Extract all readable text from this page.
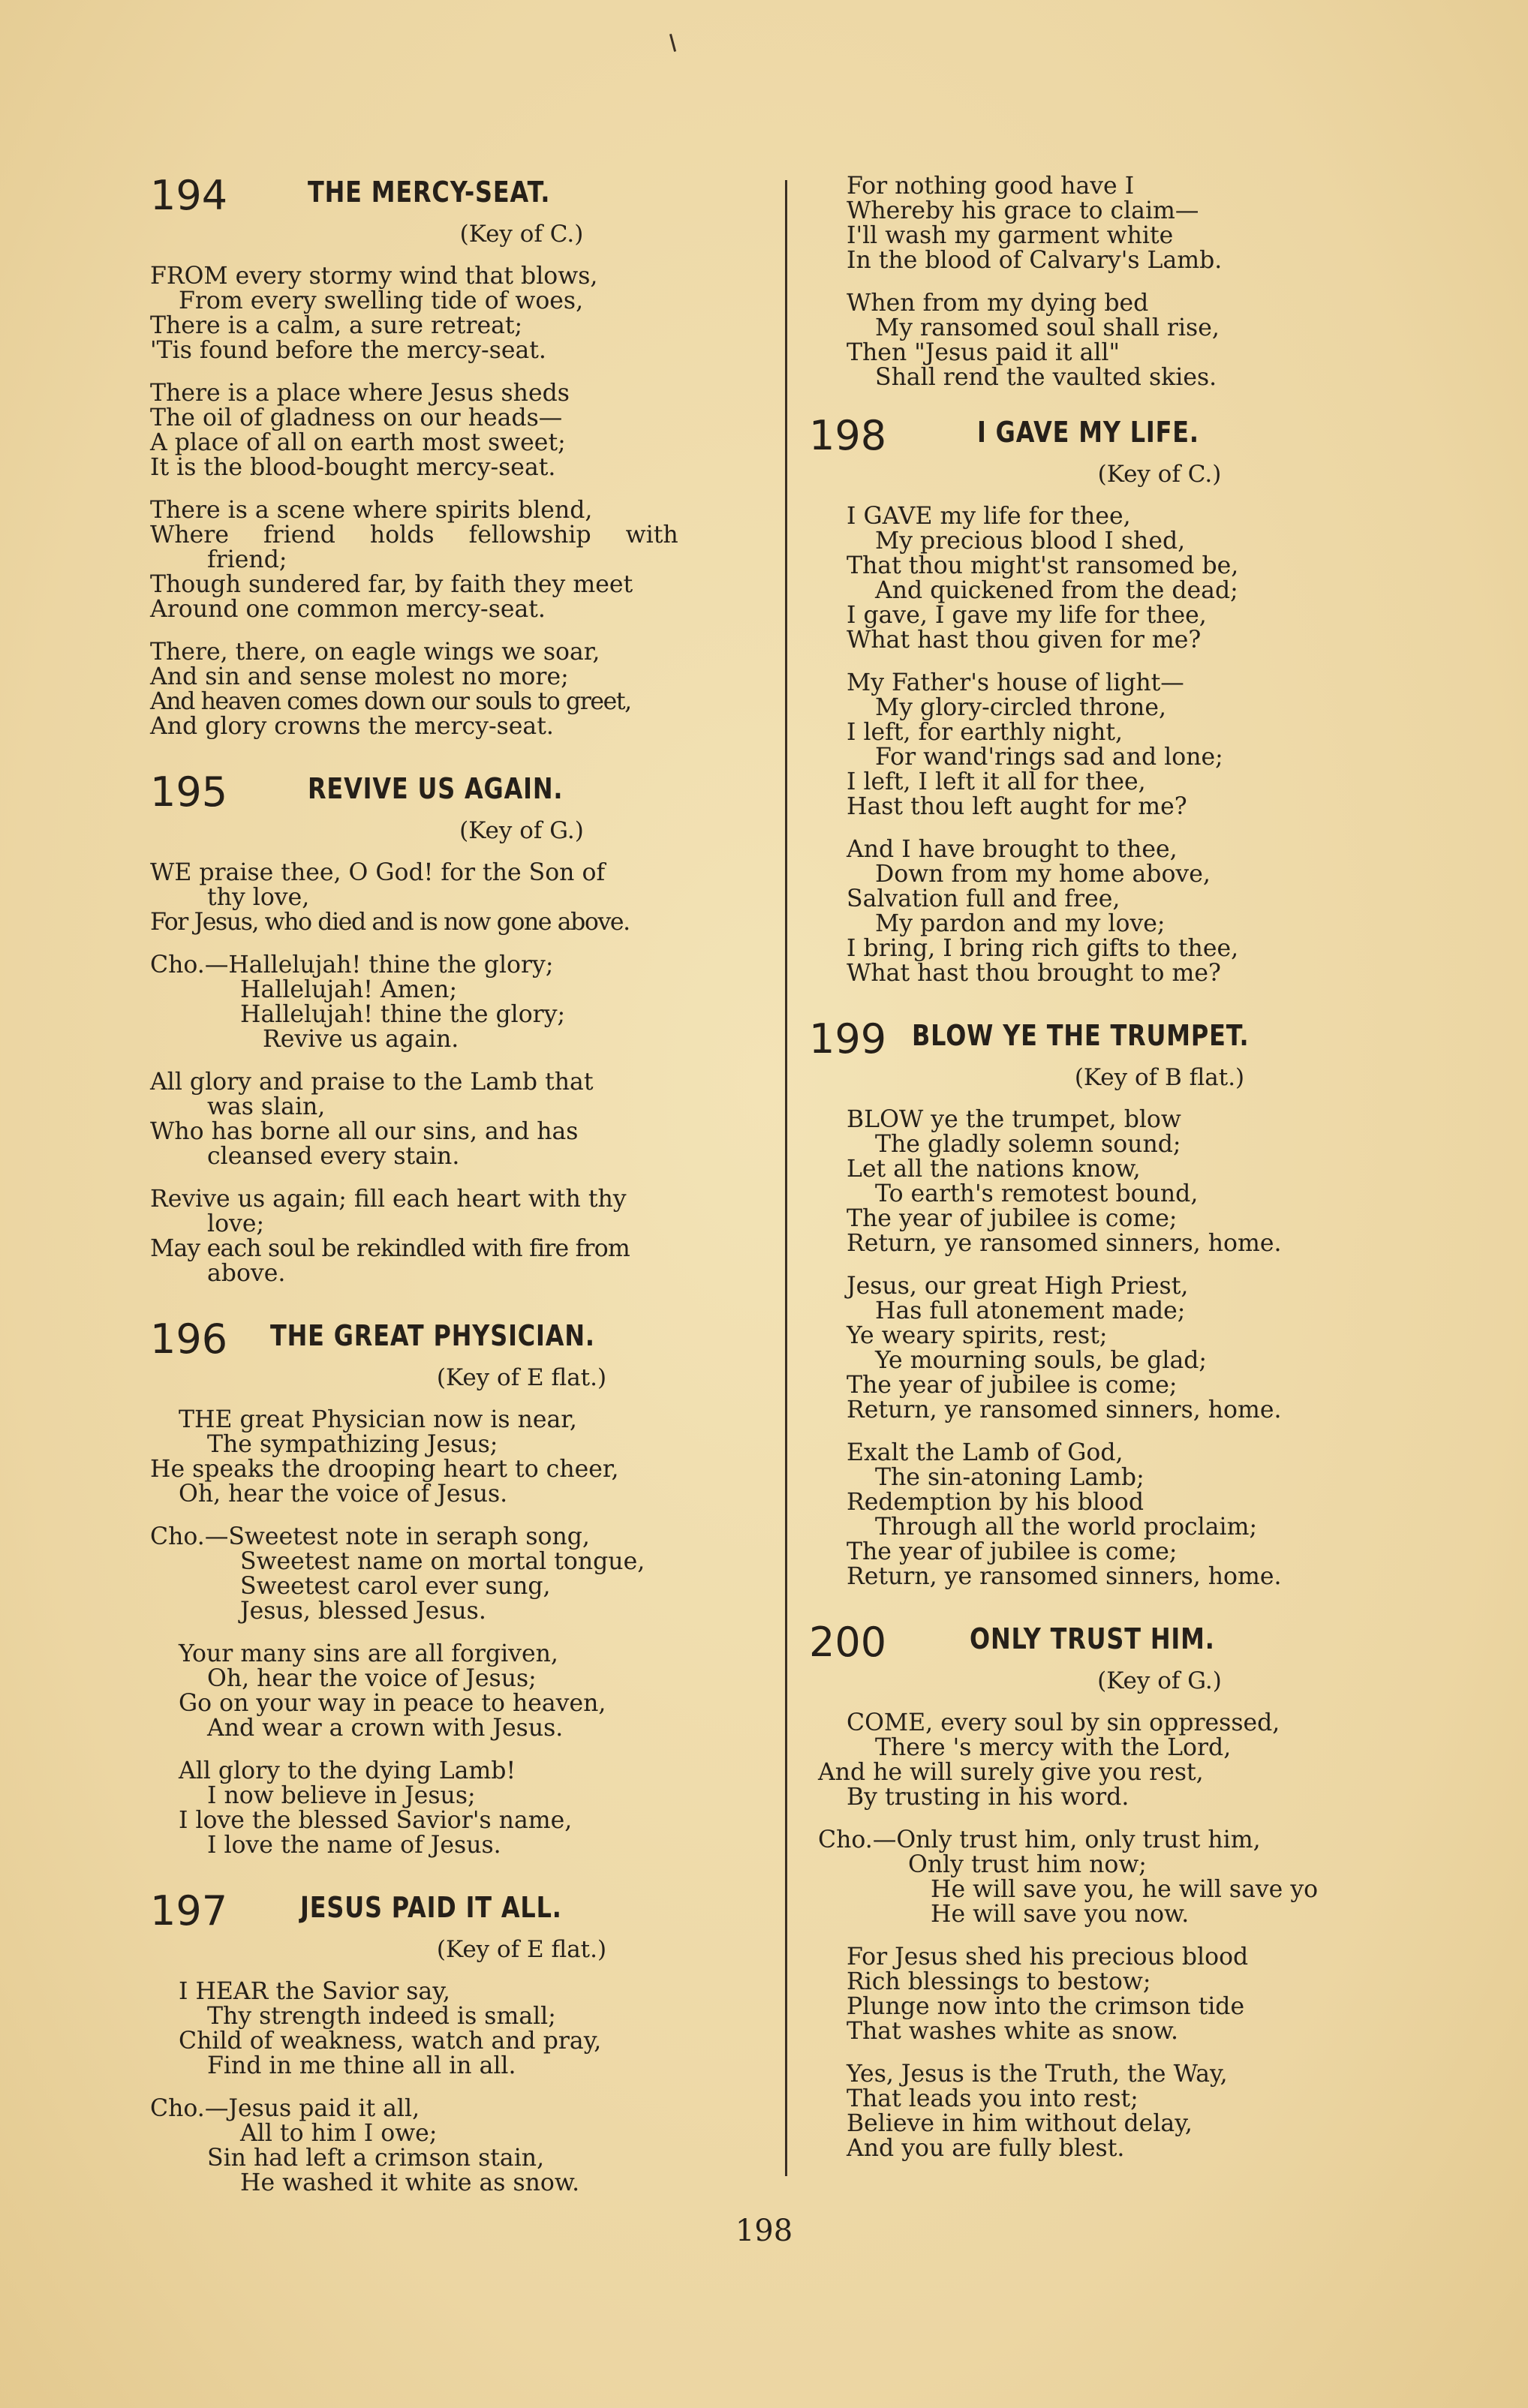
194	THE MERCY-SEAT.
(Key of C.)
FROM every stormy wind that blows,
From every swelling tide of woes,
There is a calm, a sure retreat;
'Tis found before the mercy-seat.
There is a place where Jesus sheds
The oil of gladness on our heads—
A place of all on earth most sweet;
It is the blood-bought mercy-seat.
There is a scene where spirits blend,
Where friend holds fellowship with
friend;
Though sundered far, by faith they meet
Around one common mercy-seat.
There, there, on eagle wings we soar,
And sin and sense molest no more;
And heaven comes down our souls to greet,
And glory crowns the mercy-seat.
195	REVIVE US AGAIN.
(Key of G.)
WE praise thee, O God! for the Son of
thy love,
For Jesus, who died and is now gone above.
Cho.—Hallelujah! thine the glory;
Hallelujah! Amen;
Hallelujah! thine the glory;
Revive us again.
All glory and praise to the Lamb that
was slain,
Who has borne all our sins, and has
cleansed every stain.
Revive us again; fill each heart with thy
love;
May each soul be rekindled with fire from
above.
196 THE GREAT PHYSICIAN.
(Key of E flat.)
THE great Physician now is near,
The sympathizing Jesus;
He speaks the drooping heart to cheer,
Oh, hear the voice of Jesus.
Cho.—Sweetest note in seraph song,
Sweetest name on mortal tongue,
Sweetest carol ever sung,
Jesus, blessed Jesus.
Your many sins are all forgiven,
Oh, hear the voice of Jesus;
Go on your way in peace to heaven,
And wear a crown with Jesus.
All glory to the dying Lamb!
I now believe in Jesus;
I love the blessed Savior's name,
I love the name of Jesus.
197	JESUS PAID IT ALL.
(Key of E flat.)
I HEAR the Savior say,
Thy strength indeed is small;
Child of weakness, watch and pray,
Find in me thine all in all.
Cho.—Jesus paid it all,
All to him I owe;
Sin had left a crimson stain,
He washed it white as snow.
For nothing good have I
Whereby his grace to claim—
I'll wash my garment white
In the blood of Calvary's Lamb.
When from my dying bed
My ransomed soul shall rise,
Then "Jesus paid it all"
Shall rend the vaulted skies.
198	I GAVE MY LIFE.
(Key of C.)
I GAVE my life for thee,
My precious blood I shed,
That thou might'st ransomed be,
And quickened from the dead;
I gave, I gave my life for thee,
What hast thou given for me?
My Father's house of light—
My glory-circled throne,
I left, for earthly night,
For wand'rings sad and lone;
I left, I left it all for thee,
Hast thou left aught for me?
And I have brought to thee,
Down from my home above,
Salvation full and free,
My pardon and my love;
I bring, I bring rich gifts to thee,
What hast thou brought to me?
199 BLOW YE THE TRUMPET.
(Key of B flat.)
BLOW ye the trumpet, blow
The gladly solemn sound;
Let all the nations know,
To earth's remotest bound,
The year of jubilee is come;
Return, ye ransomed sinners, home.
Jesus, our great High Priest,
Has full atonement made;
Ye weary spirits, rest;
Ye mourning souls, be glad;
The year of jubilee is come;
Return, ye ransomed sinners, home.
Exalt the Lamb of God,
The sin-atoning Lamb;
Redemption by his blood
Through all the world proclaim;
The year of jubilee is come;
Return, ye ransomed sinners, home.
200	ONLY TRUST HIM.
(Key of G.)
COME, every soul by sin oppressed,
There 's mercy with the Lord,
And he will surely give you rest,
By trusting in his word.
Cho.—Only trust him, only trust him,
Only trust him now;
He will save you, he will save yo
He will save you now.
For Jesus shed his precious blood
Rich blessings to bestow;
Plunge now into the crimson tide
That washes white as snow.
Yes, Jesus is the Truth, the Way,
That leads you into rest;
Believe in him without delay,
And you are fully blest.
198
